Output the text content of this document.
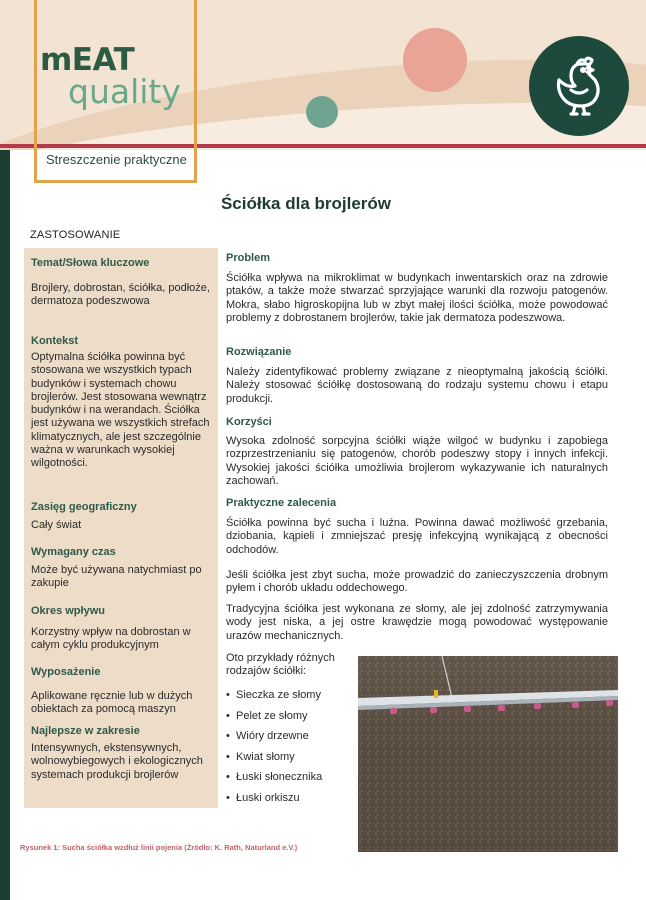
mEAT
quality
Streszczenie praktyczne
Ściółka dla brojlerów
ZASTOSOWANIE
Temat/Słowa kluczowe
Brojlery, dobrostan, ściółka, podłoże, dermatoza podeszwowa
Kontekst
Optymalna ściółka powinna być stosowana we wszystkich typach budynków i systemach chowu brojlerów. Jest stosowana wewnątrz budynków i na werandach. Ściółka jest używana we wszystkich strefach klimatycznych, ale jest szczególnie ważna w warunkach wysokiej wilgotności.
Zasięg geograficzny
Cały świat
Wymagany czas
Może być używana natychmiast po zakupie
Okres wpływu
Korzystny wpływ na dobrostan w całym cyklu produkcyjnym
Wyposażenie
Aplikowane ręcznie lub w dużych obiektach za pomocą maszyn
Najlepsze w zakresie
Intensywnych, ekstensywnych, wolnowybiegowych i ekologicznych systemach produkcji brojlerów
Problem
Ściółka wpływa na mikroklimat w budynkach inwentarskich oraz na zdrowie ptaków, a także może stwarzać sprzyjające warunki dla rozwoju patogenów. Mokra, słabo higroskopijna lub w zbyt małej ilości ściółka, może powodować problemy z dobrostanem brojlerów, takie jak dermatoza podeszwowa.
Rozwiązanie
Należy zidentyfikować problemy związane z nieoptymalną jakością ściółki. Należy stosować ściółkę dostosowaną do rodzaju systemu chowu i etapu produkcji.
Korzyści
Wysoka zdolność sorpcyjna ściółki wiąże wilgoć w budynku i zapobiega rozprzestrzenianiu się patogenów, chorób podeszwy stopy i innych infekcji. Wysokiej jakości ściółka umożliwia brojlerom wykazywanie ich naturalnych zachowań.
Praktyczne zalecenia
Ściółka powinna być sucha i luźna. Powinna dawać możliwość grzebania, dziobania, kąpieli i zmniejszać presję infekcyjną wynikającą z obecności odchodów.
Jeśli ściółka jest zbyt sucha, może prowadzić do zanieczyszczenia drobnym pyłem i chorób układu oddechowego.
Tradycyjna ściółka jest wykonana ze słomy, ale jej zdolność zatrzymywania wody jest niska, a jej ostre krawędzie mogą powodować występowanie urazów mechanicznych.
Oto przykłady różnych rodzajów ściółki:
• Sieczka ze słomy
• Pelet ze słomy
• Wióry drzewne
• Kwiat słomy
• Łuski słonecznika
• Łuski orkiszu
Rysunek 1: Sucha ściółka wzdłuż linii pojenia (Źródło: K. Rath, Naturland e.V.)
